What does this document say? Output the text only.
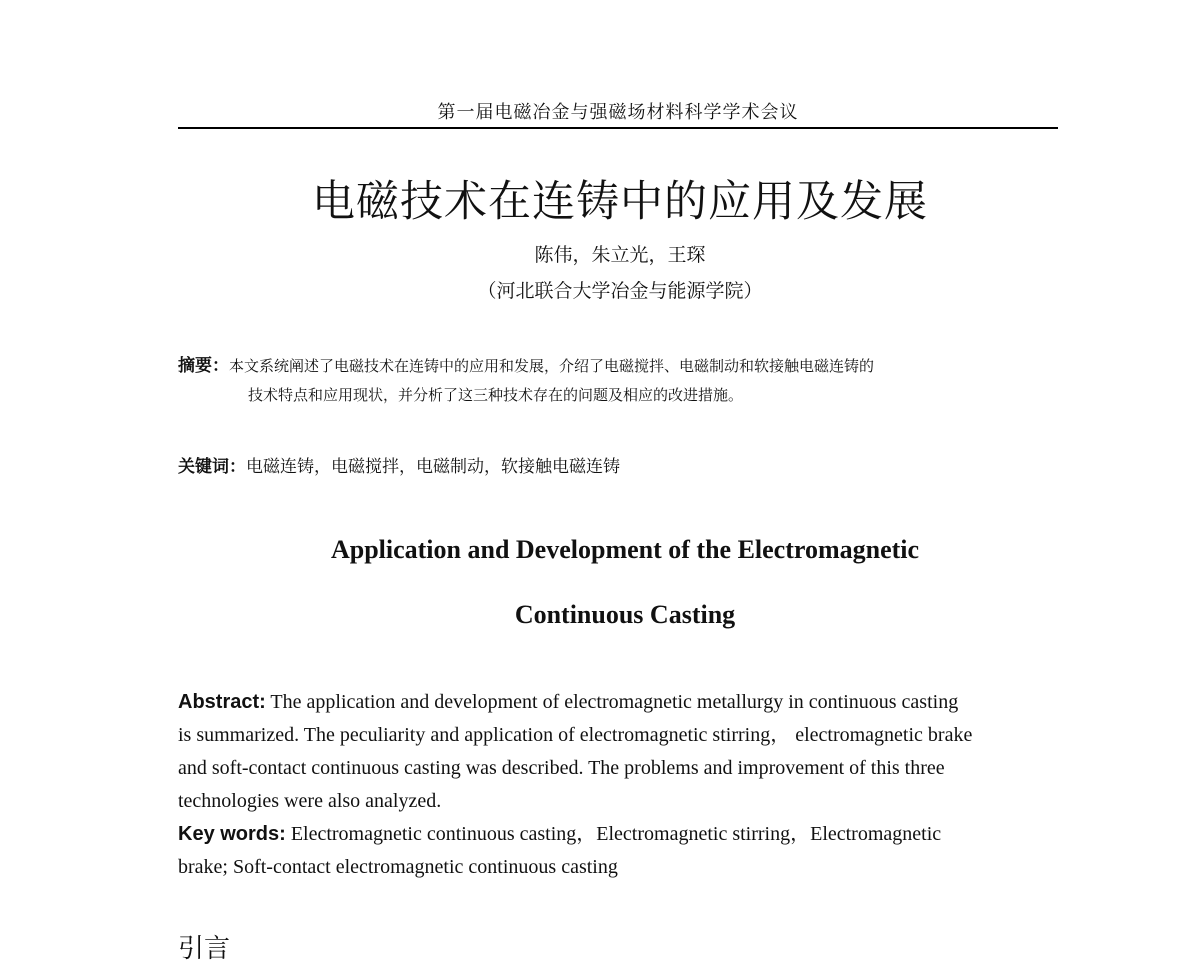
第一届电磁冶金与强磁场材料科学学术会议
电磁技术在连铸中的应用及发展
陈伟，朱立光，王琛
（河北联合大学冶金与能源学院）
摘要：本文系统阐述了电磁技术在连铸中的应用和发展，介绍了电磁搅拌、电磁制动和软接触电磁连铸的
技术特点和应用现状，并分析了这三种技术存在的问题及相应的改进措施。
关键词：电磁连铸，电磁搅拌，电磁制动，软接触电磁连铸
Application and Development of the Electromagnetic
Continuous Casting
Abstract: The application and development of electromagnetic metallurgy in continuous casting
is summarized. The peculiarity and application of electromagnetic stirring， electromagnetic brake
and soft-contact continuous casting was described. The problems and improvement of this three
technologies were also analyzed.
Key words: Electromagnetic continuous casting，Electromagnetic stirring，Electromagnetic
brake; Soft-contact electromagnetic continuous casting
引言
